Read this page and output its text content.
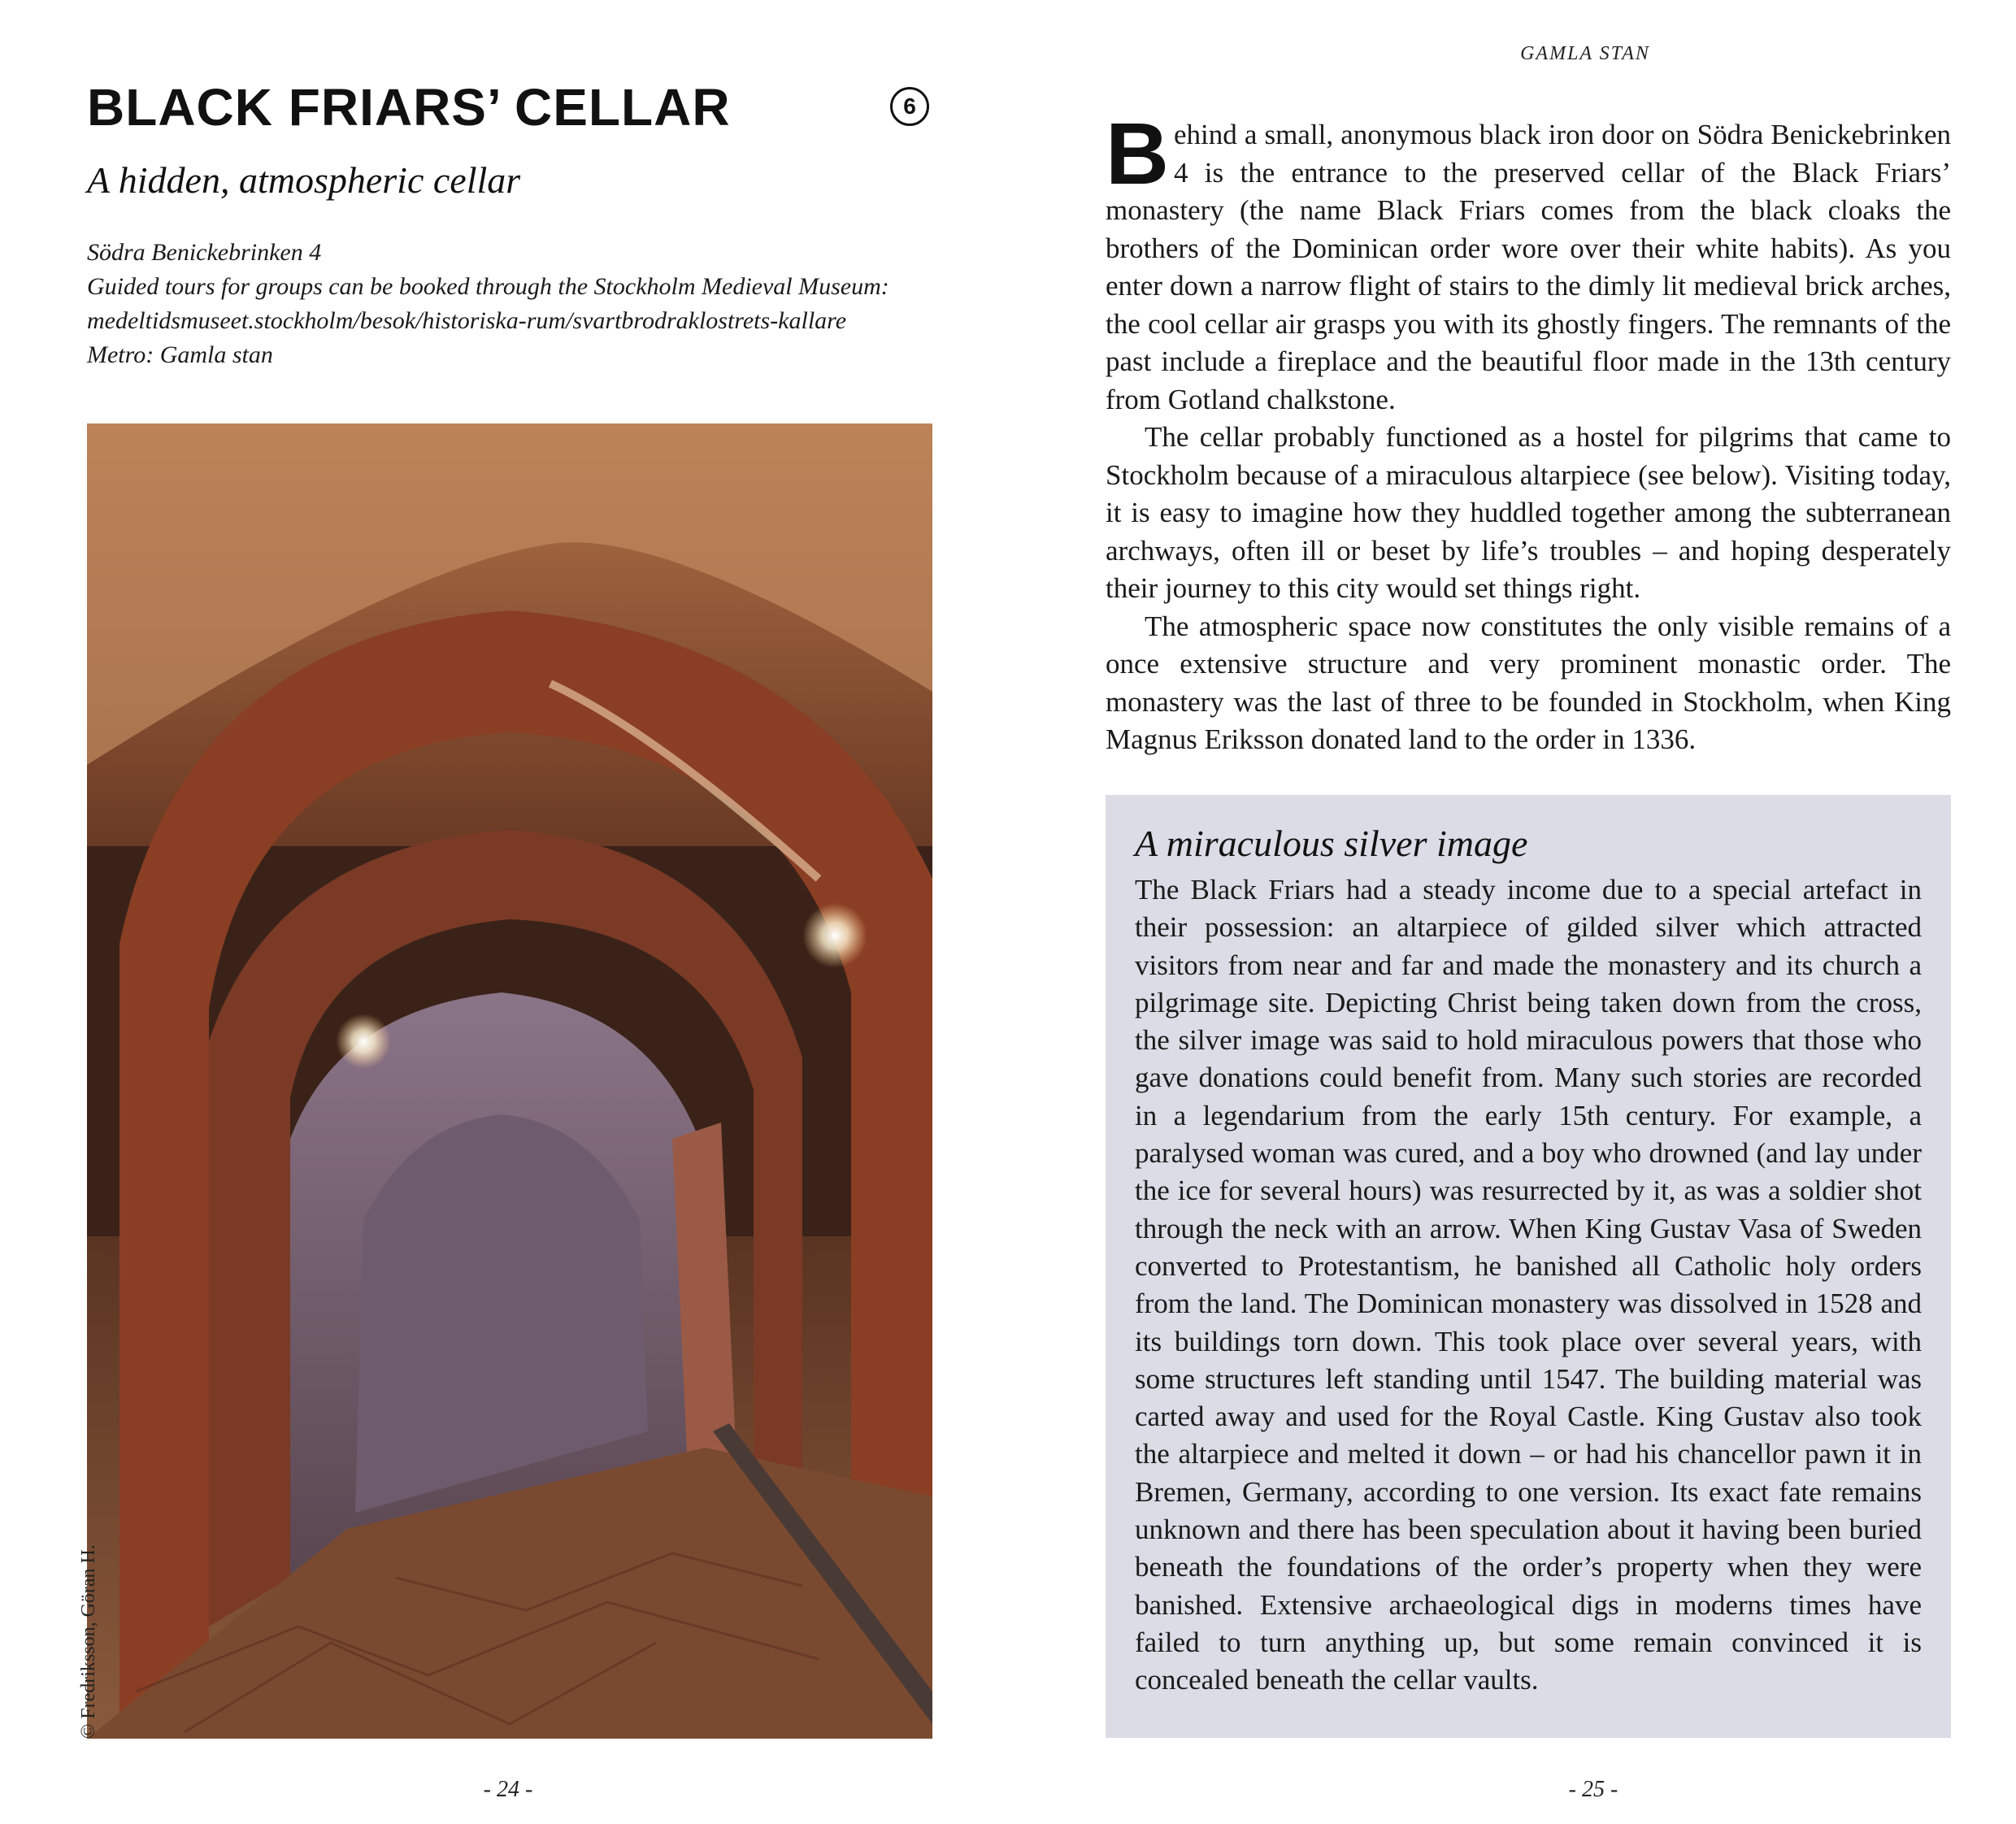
BLACK FRIARS’ CELLAR	6
A hidden, atmospheric cellar
Södra Benickebrinken 4
Guided tours for groups can be booked through the Stockholm Medieval Museum:
medeltidsmuseet.stockholm/besok/historiska-rum/svartbrodraklostrets-kallare
Metro: Gamla stan
© Fredriksson, Göran H.
- 24 -
GAMLA STAN

Behind a small, anonymous black iron door on Södra Benickebrinken 4 is the entrance to the preserved cellar of the Black Friars’ monastery (the name Black Friars comes from the black cloaks the brothers of the Dominican order wore over their white habits). As you enter down a narrow flight of stairs to the dimly lit medieval brick arches, the cool cellar air grasps you with its ghostly fingers. The remnants of the past include a fireplace and the beautiful floor made in the 13th century from Gotland chalkstone.

The cellar probably functioned as a hostel for pilgrims that came to Stockholm because of a miraculous altarpiece (see below). Visiting today, it is easy to imagine how they huddled together among the subterranean archways, often ill or beset by life’s troubles – and hoping desperately their journey to this city would set things right.

The atmospheric space now constitutes the only visible remains of a once extensive structure and very prominent monastic order. The monastery was the last of three to be founded in Stockholm, when King Magnus Eriksson donated land to the order in 1336.

A miraculous silver image

The Black Friars had a steady income due to a special artefact in their possession: an altarpiece of gilded silver which attracted visitors from near and far and made the monastery and its church a pilgrimage site. Depicting Christ being taken down from the cross, the silver image was said to hold miraculous powers that those who gave donations could benefit from. Many such stories are recorded in a legendarium from the early 15th century. For example, a paralysed woman was cured, and a boy who drowned (and lay under the ice for several hours) was resurrected by it, as was a soldier shot through the neck with an arrow. When King Gustav Vasa of Sweden converted to Protestantism, he banished all Catholic holy orders from the land. The Dominican monastery was dissolved in 1528 and its buildings torn down. This took place over several years, with some structures left standing until 1547. The building material was carted away and used for the Royal Castle. King Gustav also took the altarpiece and melted it down – or had his chancellor pawn it in Bremen, Germany, according to one version. Its exact fate remains unknown and there has been speculation about it having been buried beneath the foundations of the order’s property when they were banished. Extensive archaeological digs in moderns times have failed to turn anything up, but some remain convinced it is concealed beneath the cellar vaults.

- 25 -
